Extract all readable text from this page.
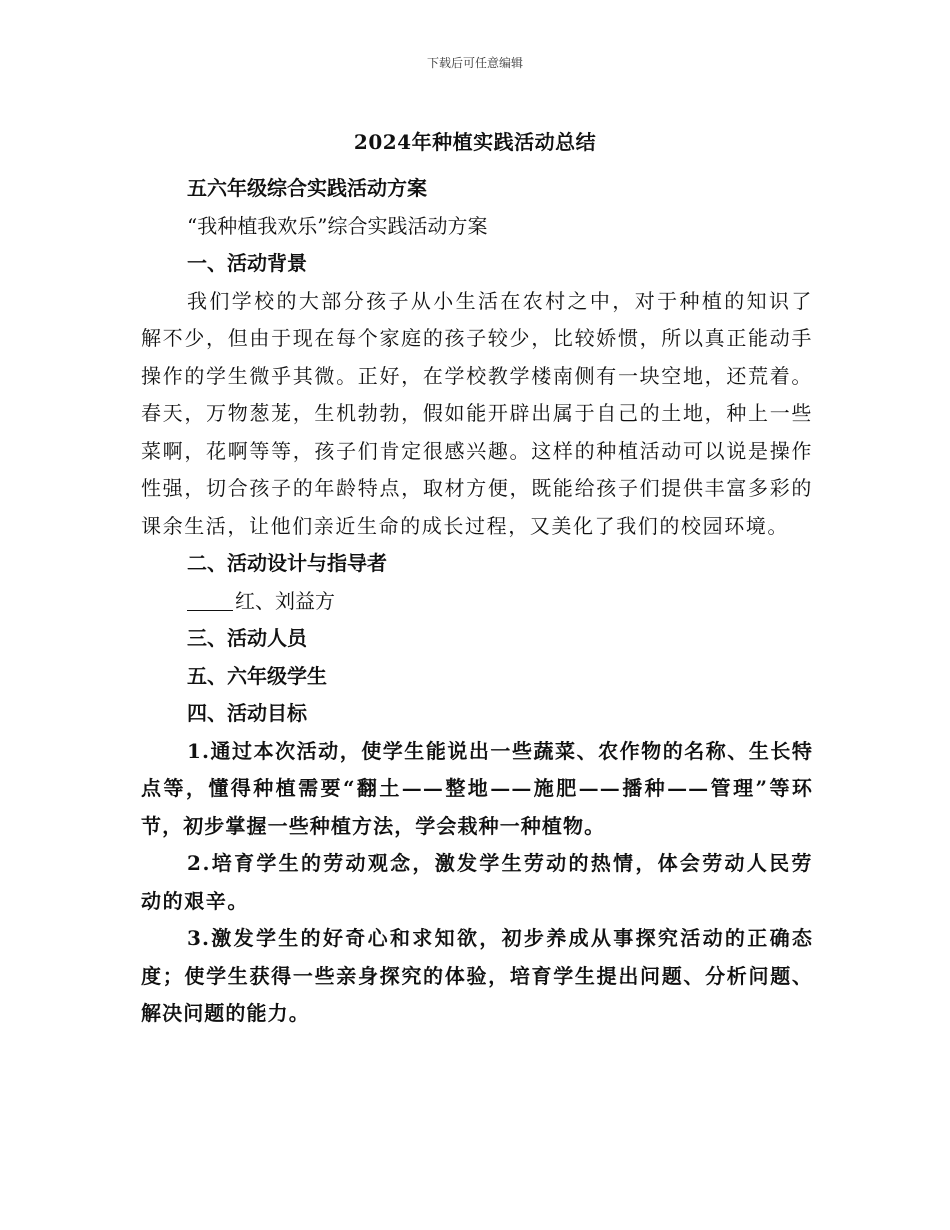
下载后可任意编辑
2024年种植实践活动总结
五六年级综合实践活动方案
“我种植我欢乐”综合实践活动方案
一、活动背景
我们学校的大部分孩子从小生活在农村之中，对于种植的知识了解不少，但由于现在每个家庭的孩子较少，比较娇惯，所以真正能动手操作的学生微乎其微。正好，在学校教学楼南侧有一块空地，还荒着。春天，万物葱茏，生机勃勃，假如能开辟出属于自己的土地，种上一些菜啊，花啊等等，孩子们肯定很感兴趣。这样的种植活动可以说是操作性强，切合孩子的年龄特点，取材方便，既能给孩子们提供丰富多彩的课余生活，让他们亲近生命的成长过程，又美化了我们的校园环境。
二、活动设计与指导者
红、刘益方
三、活动人员
五、六年级学生
四、活动目标
1.通过本次活动，使学生能说出一些蔬菜、农作物的名称、生长特点等，懂得种植需要“翻土——整地——施肥——播种——管理”等环节，初步掌握一些种植方法，学会栽种一种植物。
2.培育学生的劳动观念，激发学生劳动的热情，体会劳动人民劳动的艰辛。
3.激发学生的好奇心和求知欲，初步养成从事探究活动的正确态度；使学生获得一些亲身探究的体验，培育学生提出问题、分析问题、解决问题的能力。
